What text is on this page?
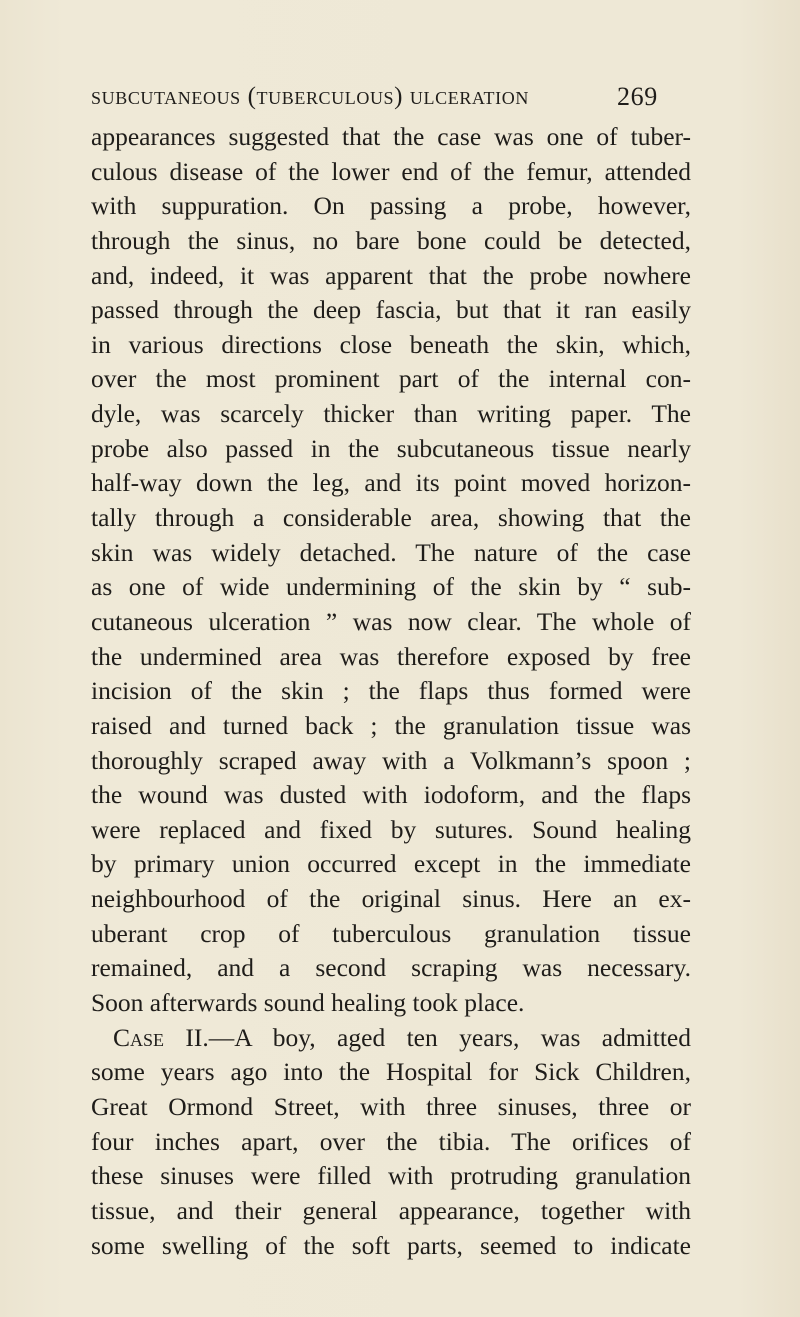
subcutaneous (tuberculous) ulceration	269
appearances suggested that the case was one of tuber-
culous disease of the lower end of the femur, attended
with suppuration. On passing a probe, however,
through the sinus, no bare bone could be detected,
and, indeed, it was apparent that the probe nowhere
passed through the deep fascia, but that it ran easily
in various directions close beneath the skin, which,
over the most prominent part of the internal con-
dyle, was scarcely thicker than writing paper. The
probe also passed in the subcutaneous tissue nearly
half-way down the leg, and its point moved horizon-
tally through a considerable area, showing that the
skin was widely detached. The nature of the case
as one of wide undermining of the skin by “ sub-
cutaneous ulceration ” was now clear. The whole of
the undermined area was therefore exposed by free
incision of the skin ; the flaps thus formed were
raised and turned back ; the granulation tissue was
thoroughly scraped away with a Volkmann’s spoon ;
the wound was dusted with iodoform, and the flaps
were replaced and fixed by sutures. Sound healing
by primary union occurred except in the immediate
neighbourhood of the original sinus. Here an ex-
uberant crop of tuberculous granulation tissue
remained, and a second scraping was necessary.
Soon afterwards sound healing took place.
Case II.—A boy, aged ten years, was admitted
some years ago into the Hospital for Sick Children,
Great Ormond Street, with three sinuses, three or
four inches apart, over the tibia. The orifices of
these sinuses were filled with protruding granulation
tissue, and their general appearance, together with
some swelling of the soft parts, seemed to indicate
